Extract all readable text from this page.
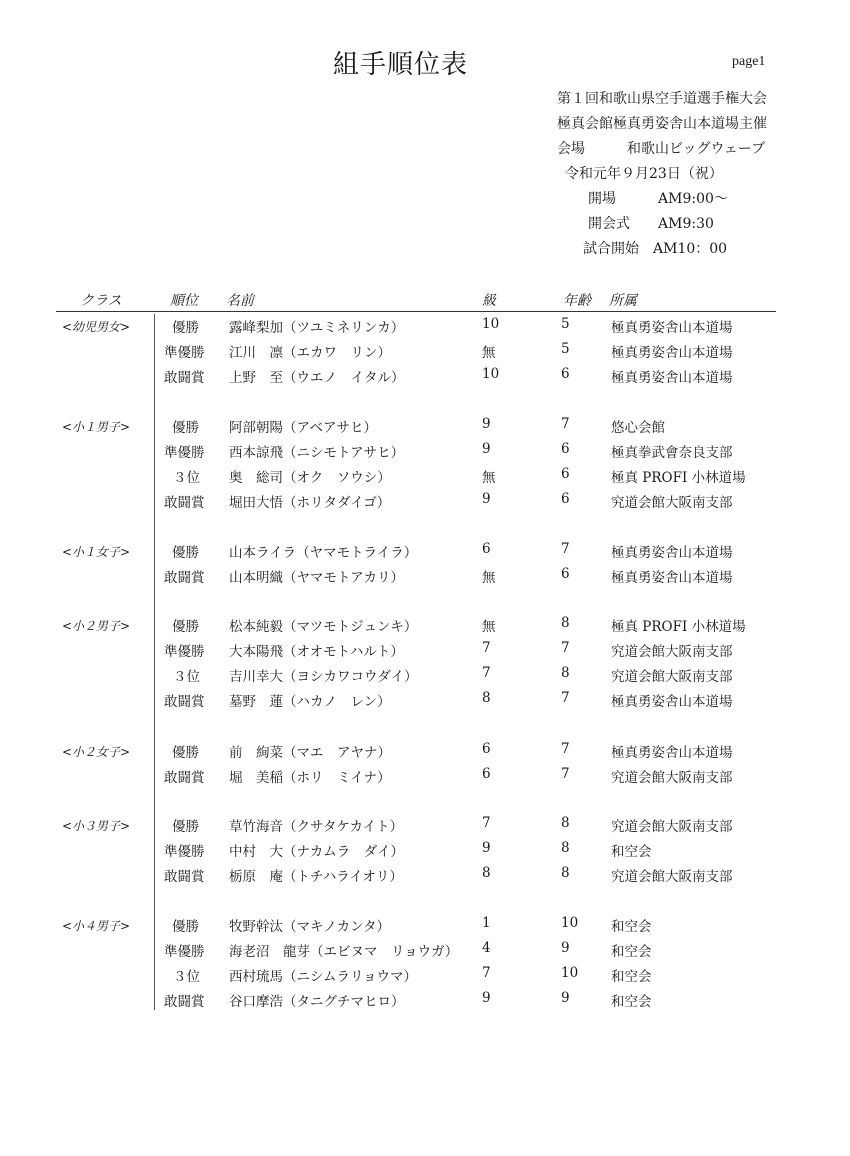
組手順位表	page1
第１回和歌山県空手道選手権大会
極真会館極真勇姿舎山本道場主催
会場　　　和歌山ビッグウェーブ
令和元年９月23日（祝）
開場　　　AM9:00～
開会式　　AM9:30
試合開始　AM10：00
クラス	順位 名前	級	年齢 所属
<幼児男女>	優勝 露峰梨加（ツユミネリンカ）	10	5	極真勇姿舎山本道場
準優勝 江川　凛（エカワ　リン）	無	5	極真勇姿舎山本道場
敢闘賞 上野　至（ウエノ　イタル）	10	6	極真勇姿舎山本道場
<小１男子>	優勝 阿部朝陽（アベアサヒ）	9	7	悠心会館
準優勝 西本諒飛（ニシモトアサヒ）	9	6	極真拳武會奈良支部
３位 奥　総司（オク　ソウシ）	無	6	極真 PROFI 小林道場
敢闘賞 堀田大悟（ホリタダイゴ）	9	6	究道会館大阪南支部
<小１女子>	優勝 山本ライラ（ヤマモトライラ）	6	7	極真勇姿舎山本道場
敢闘賞 山本明織（ヤマモトアカリ）	無	6	極真勇姿舎山本道場
<小２男子>	優勝 松本純毅（マツモトジュンキ）	無	8	極真 PROFI 小林道場
準優勝 大本陽飛（オオモトハルト）	7	7	究道会館大阪南支部
３位 吉川幸大（ヨシカワコウダイ）	7	8	究道会館大阪南支部
敢闘賞 墓野　蓮（ハカノ　レン）	8	7	極真勇姿舎山本道場
<小２女子>	優勝 前　絢菜（マエ　アヤナ）	6	7	極真勇姿舎山本道場
敢闘賞 堀　美稲（ホリ　ミイナ）	6	7	究道会館大阪南支部
<小３男子>	優勝 草竹海音（クサタケカイト）	7	8	究道会館大阪南支部
準優勝 中村　大（ナカムラ　ダイ）	9	8	和空会
敢闘賞 栃原　庵（トチハライオリ）	8	8	究道会館大阪南支部
<小４男子>	優勝 牧野幹汰（マキノカンタ）	1	10 和空会
準優勝 海老沼　龍芽（エビヌマ　リョウガ） 4	9	和空会
３位 西村琉馬（ニシムラリョウマ）	7	10 和空会
敢闘賞 谷口摩浩（タニグチマヒロ）	9	9	和空会
